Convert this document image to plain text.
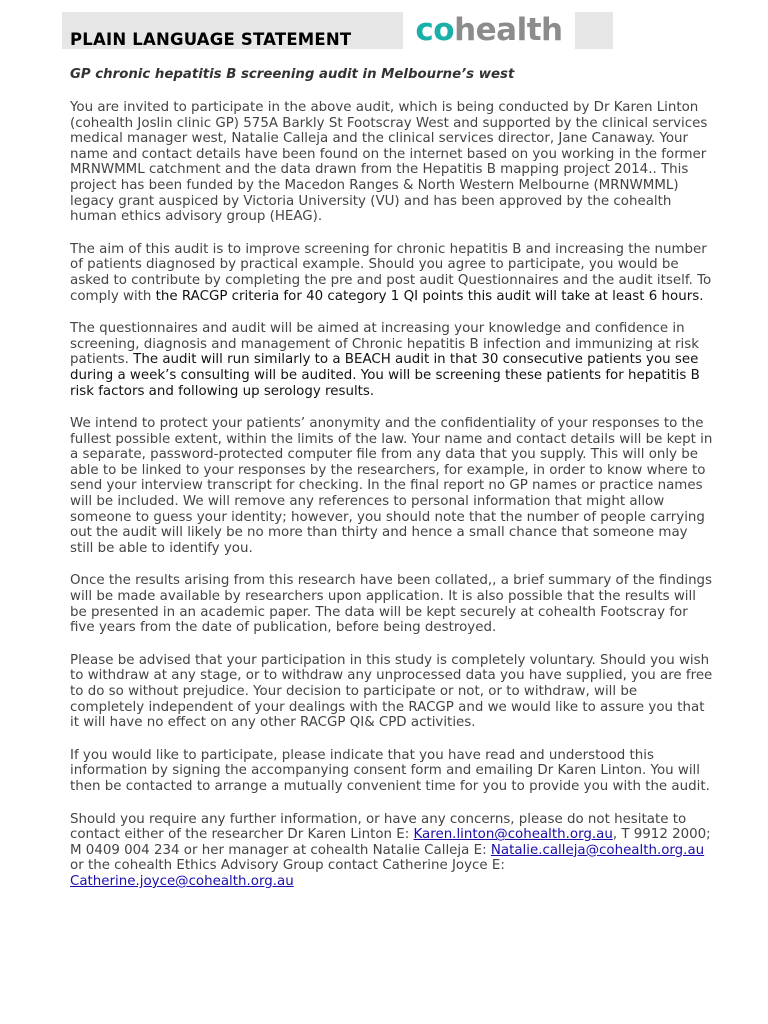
PLAIN LANGUAGE STATEMENT cohealth
GP chronic hepatitis B screening audit in Melbourne’s west

You are invited to participate in the above audit, which is being conducted by Dr Karen Linton (cohealth Joslin clinic GP) 575A Barkly St Footscray West and supported by the clinical services medical manager west, Natalie Calleja and the clinical services director, Jane Canaway. Your name and contact details have been found on the internet based on you working in the former MRNWMML catchment and the data drawn from the Hepatitis B mapping project 2014.. This project has been funded by the Macedon Ranges & North Western Melbourne (MRNWMML) legacy grant auspiced by Victoria University (VU) and has been approved by the cohealth human ethics advisory group (HEAG).

The aim of this audit is to improve screening for chronic hepatitis B and increasing the number of patients diagnosed by practical example. Should you agree to participate, you would be asked to contribute by completing the pre and post audit Questionnaires and the audit itself. To comply with the RACGP criteria for 40 category 1 QI points this audit will take at least 6 hours.

The questionnaires and audit will be aimed at increasing your knowledge and confidence in screening, diagnosis and management of Chronic hepatitis B infection and immunizing at risk patients. The audit will run similarly to a BEACH audit in that 30 consecutive patients you see during a week’s consulting will be audited. You will be screening these patients for hepatitis B risk factors and following up serology results.

We intend to protect your patients’ anonymity and the confidentiality of your responses to the fullest possible extent, within the limits of the law. Your name and contact details will be kept in a separate, password-protected computer file from any data that you supply. This will only be able to be linked to your responses by the researchers, for example, in order to know where to send your interview transcript for checking. In the final report no GP names or practice names will be included. We will remove any references to personal information that might allow someone to guess your identity; however, you should note that the number of people carrying out the audit will likely be no more than thirty and hence a small chance that someone may still be able to identify you.

Once the results arising from this research have been collated,, a brief summary of the findings will be made available by researchers upon application. It is also possible that the results will be presented in an academic paper. The data will be kept securely at cohealth Footscray for five years from the date of publication, before being destroyed.

Please be advised that your participation in this study is completely voluntary. Should you wish to withdraw at any stage, or to withdraw any unprocessed data you have supplied, you are free to do so without prejudice. Your decision to participate or not, or to withdraw, will be completely independent of your dealings with the RACGP and we would like to assure you that it will have no effect on any other RACGP QI& CPD activities.

If you would like to participate, please indicate that you have read and understood this information by signing the accompanying consent form and emailing Dr Karen Linton. You will then be contacted to arrange a mutually convenient time for you to provide you with the audit.

Should you require any further information, or have any concerns, please do not hesitate to contact either of the researcher Dr Karen Linton E: Karen.linton@cohealth.org.au, T 9912 2000; M 0409 004 234 or her manager at cohealth Natalie Calleja E: Natalie.calleja@cohealth.org.au or the cohealth Ethics Advisory Group contact Catherine Joyce E: Catherine.joyce@cohealth.org.au
